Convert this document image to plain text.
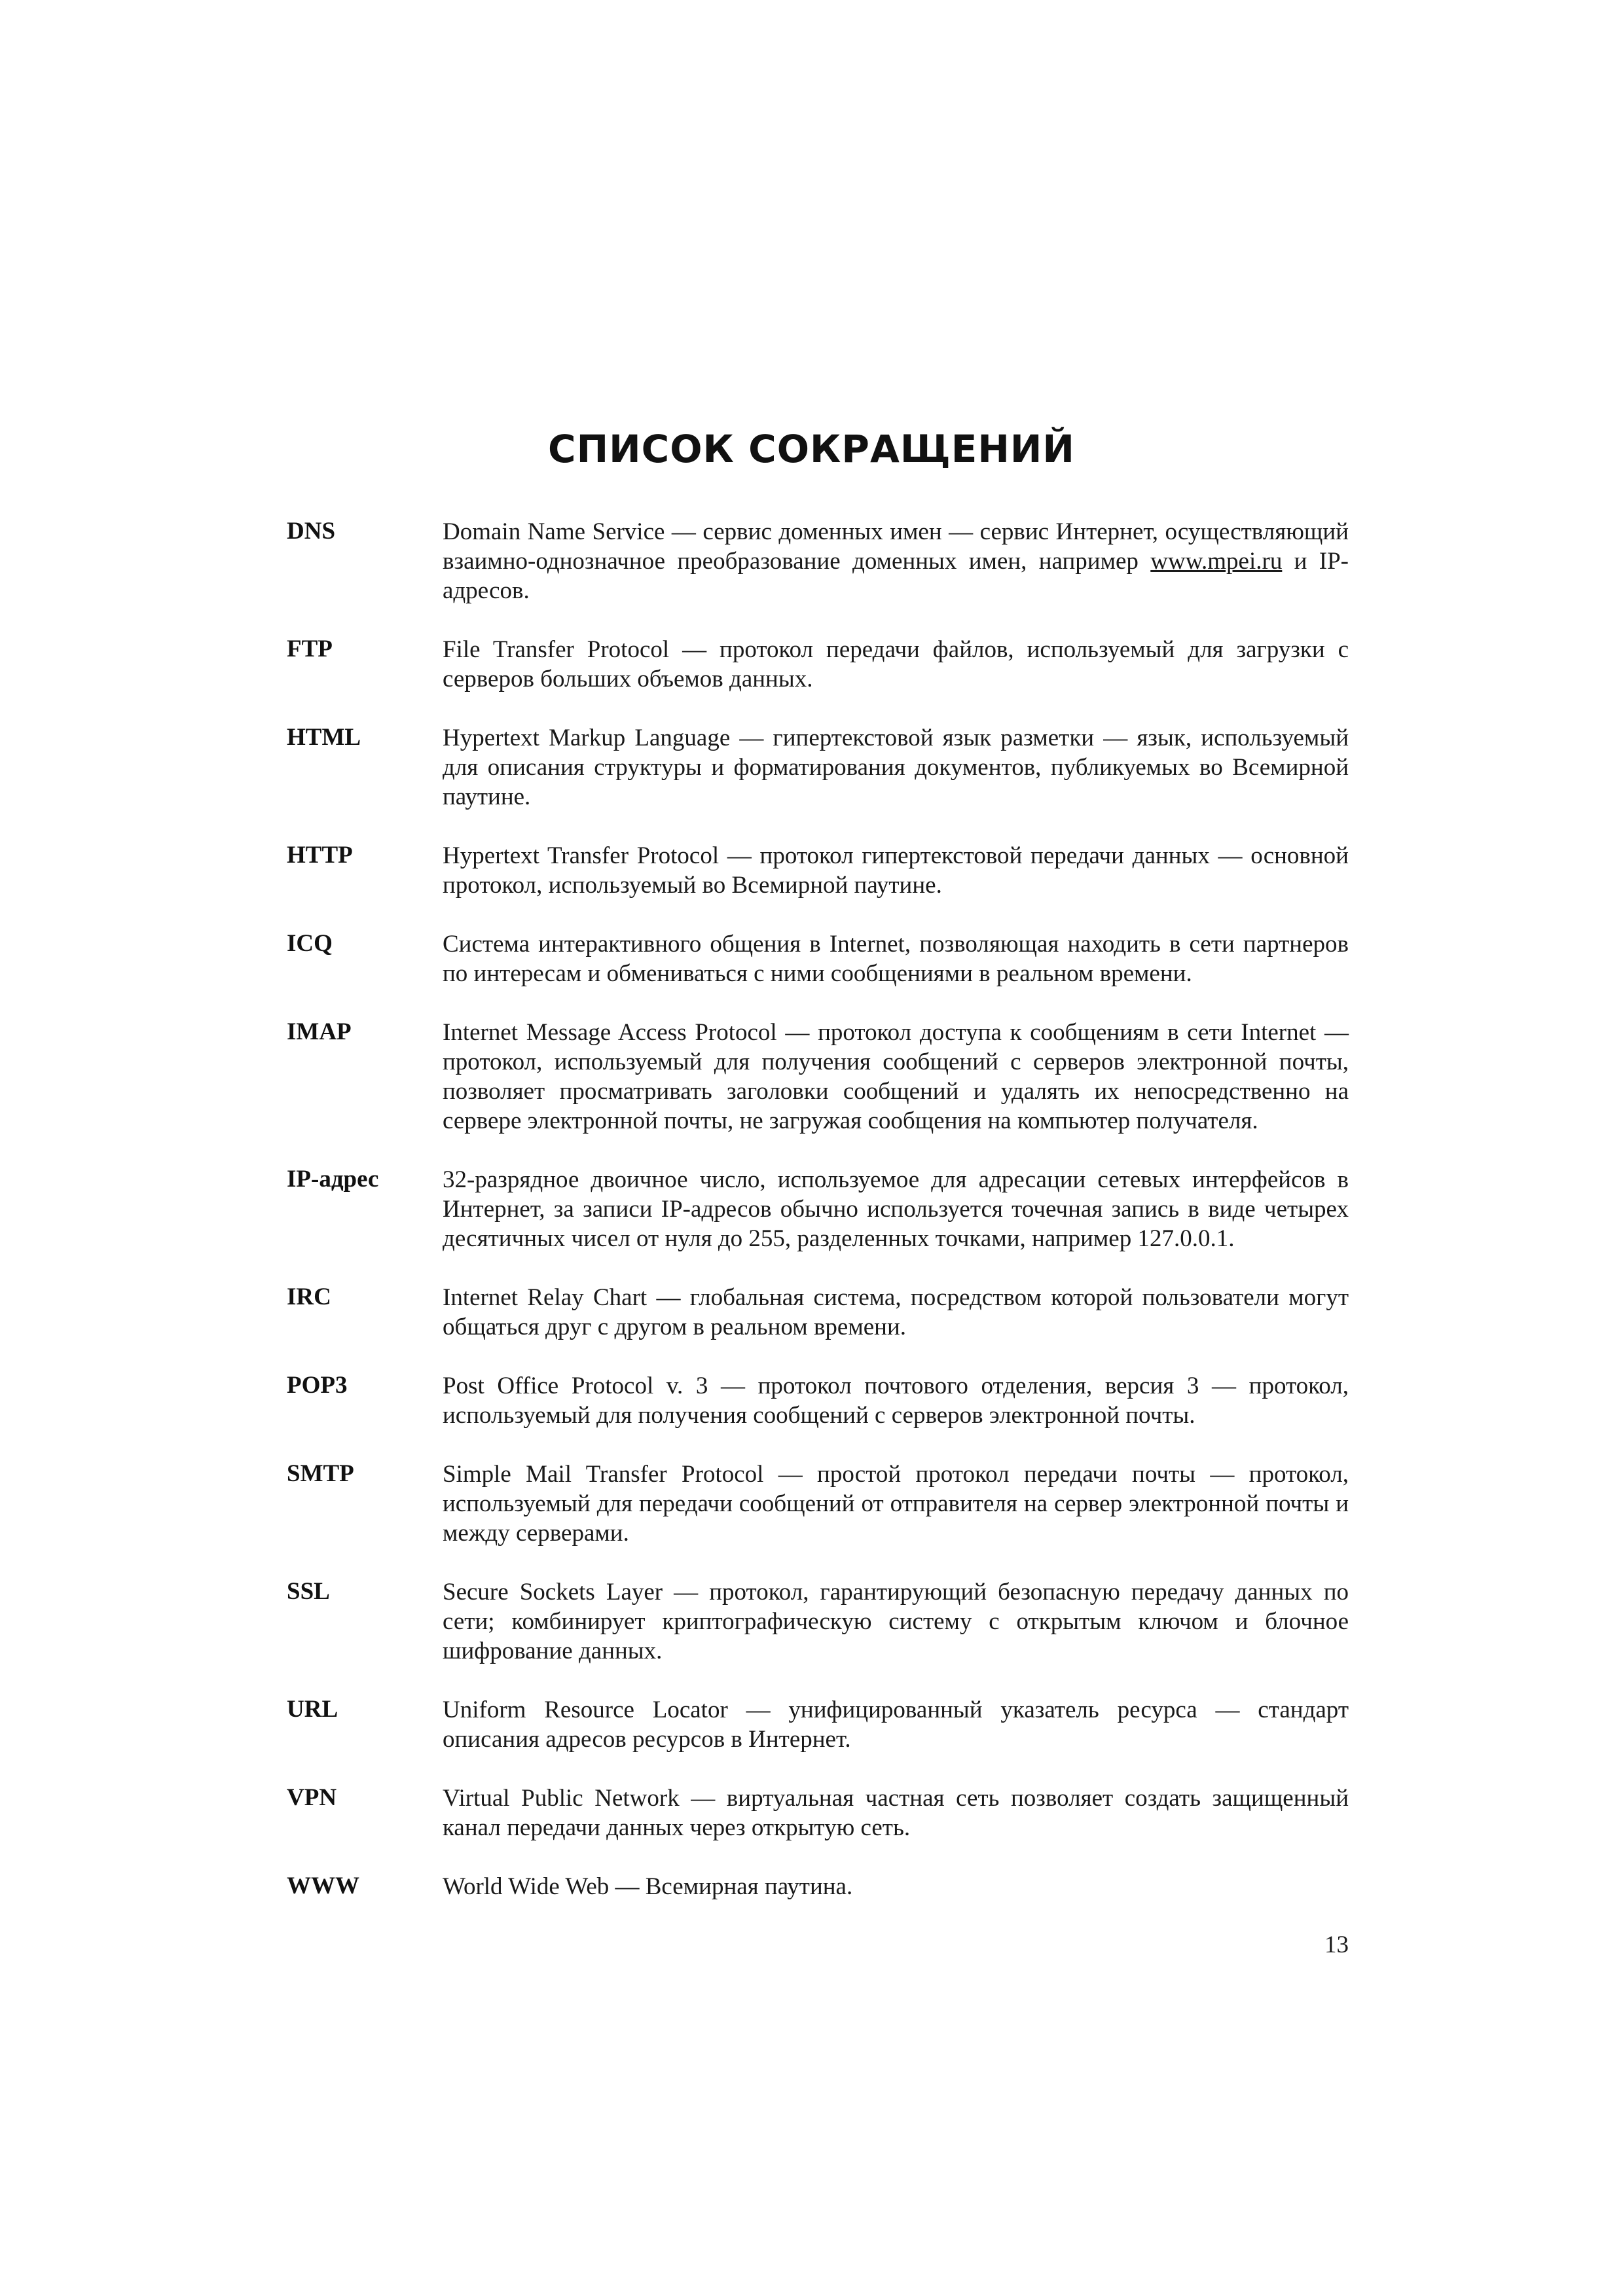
СПИСОК СОКРАЩЕНИЙ
DNS	Domain Name Service — сервис доменных имен — сервис Интернет, осуществляющий взаимно-однозначное преобразование доменных имен, например www.mpei.ru и IP-адресов.
FTP	File Transfer Protocol — протокол передачи файлов, используемый для загрузки с серверов больших объемов данных.
HTML	Hypertext Markup Language — гипертекстовой язык разметки — язык, используемый для описания структуры и форматирования документов, публикуемых во Всемирной паутине.
HTTP	Hypertext Transfer Protocol — протокол гипертекстовой передачи данных — основной протокол, используемый во Всемирной паутине.
ICQ	Система интерактивного общения в Internet, позволяющая находить в сети партнеров по интересам и обмениваться с ними сообщениями в реальном времени.
IMAP	Internet Message Access Protocol — протокол доступа к сообщениям в сети Internet — протокол, используемый для получения сообщений с серверов электронной почты, позволяет просматривать заголовки сообщений и удалять их непосредственно на сервере электронной почты, не загружая сообщения на компьютер получателя.
IP-адрес	32-разрядное двоичное число, используемое для адресации сетевых интерфейсов в Интернет, за записи IP-адресов обычно используется точечная запись в виде четырех десятичных чисел от нуля до 255, разделенных точками, например 127.0.0.1.
IRC	Internet Relay Chart — глобальная система, посредством которой пользователи могут общаться друг с другом в реальном времени.
POP3	Post Office Protocol v. 3 — протокол почтового отделения, версия 3 — протокол, используемый для получения сообщений с серверов электронной почты.
SMTP	Simple Mail Transfer Protocol — простой протокол передачи почты — протокол, используемый для передачи сообщений от отправителя на сервер электронной почты и между серверами.
SSL	Secure Sockets Layer — протокол, гарантирующий безопасную передачу данных по сети; комбинирует криптографическую систему с открытым ключом и блочное шифрование данных.
URL	Uniform Resource Locator — унифицированный указатель ресурса — стандарт описания адресов ресурсов в Интернет.
VPN	Virtual Public Network — виртуальная частная сеть позволяет создать защищенный канал передачи данных через открытую сеть.
WWW	World Wide Web — Всемирная паутина.
13
